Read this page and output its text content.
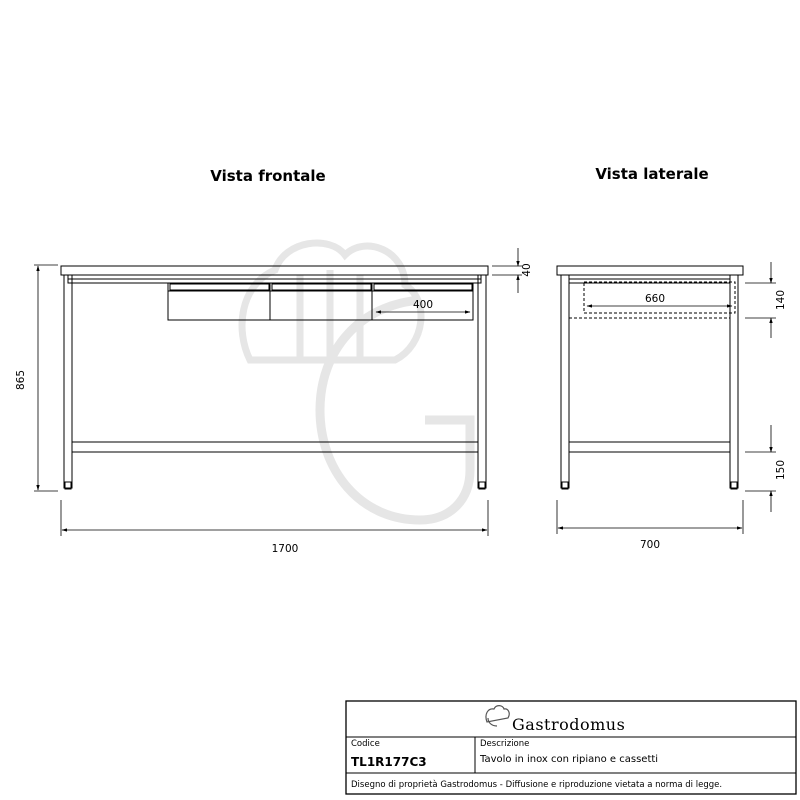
Vista frontale	Vista laterale
400
865
1700
40
660	140
150
700
Gastrodomus
Codice
TL1R177C3
Descrizione
Tavolo in inox con ripiano e cassetti
Disegno di proprietà Gastrodomus - Diffusione e riproduzione vietata a norma di legge.
